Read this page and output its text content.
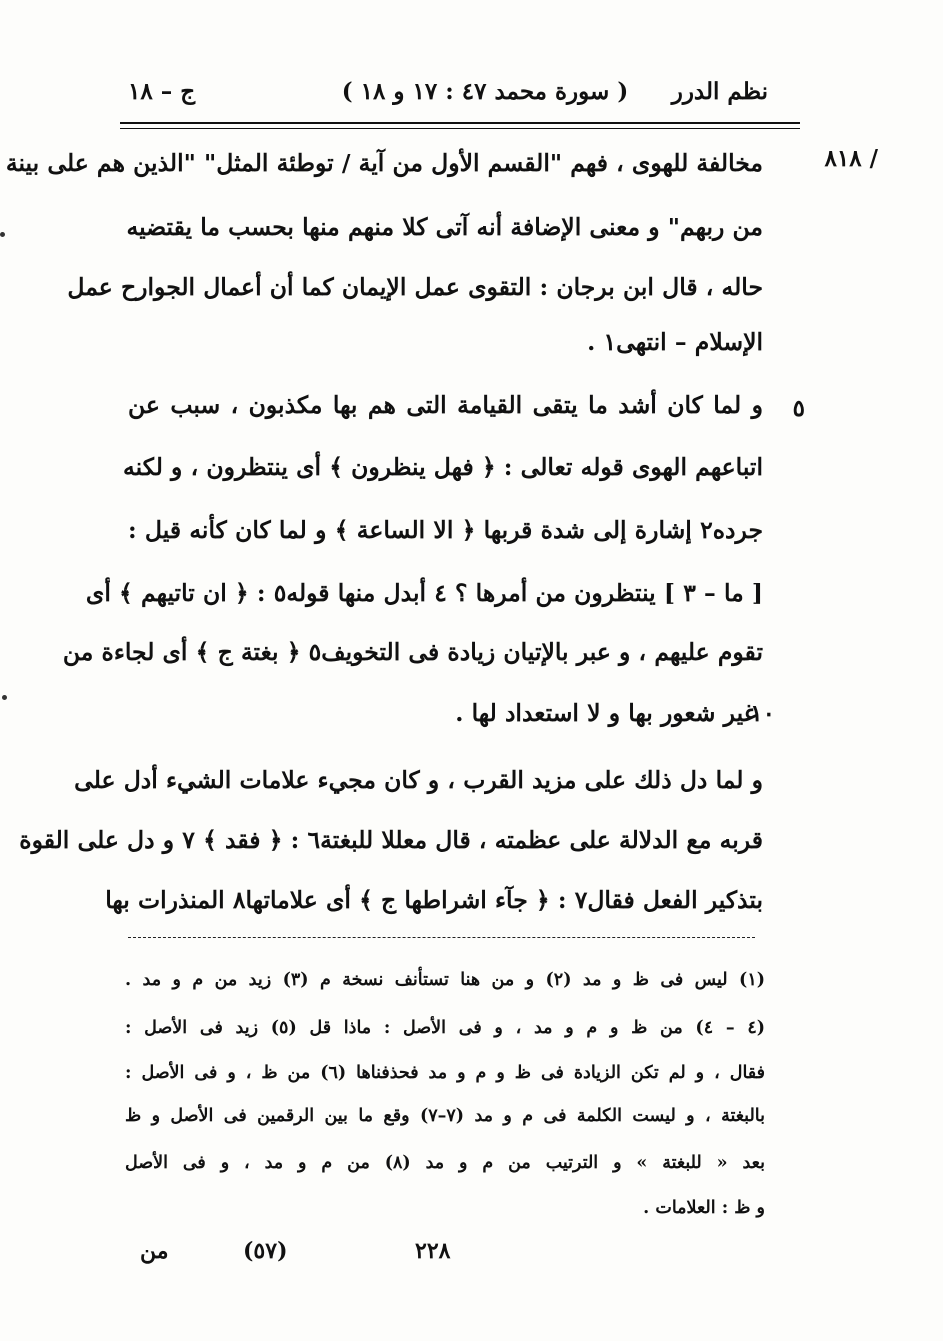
نظم الدرر
( سورة محمد ٤٧ : ١٧ و ١٨ )
ج – ١٨
٨١٨ /
٥
١٠
مخالفة للهوى ، فهم "القسم الأول من آية / توطئة المثل" "الذين هم على بينة
من ربهم" و معنى الإضافة أنه آتى كلا منهم منها بحسب ما يقتضيه
حاله ، قال ابن برجان : التقوى عمل الإيمان كما أن أعمال الجوارح عمل
الإسلام – انتهى١ .
و لما كان أشد ما يتقى القيامة التى هم بها مكذبون ، سبب عن
اتباعهم الهوى قوله تعالى : ﴿ فهل ينظرون ﴾ أى ينتظرون ، و لكنه
جرده٢ إشارة إلى شدة قربها ﴿ الا الساعة ﴾ و لما كان كأنه قيل :
[ ما – ٣ ] ينتظرون من أمرها ؟ ٤ أبدل منها قوله٥ : ﴿ ان تاتيهم ﴾ أى
تقوم عليهم ، و عبر بالإتيان زيادة فى التخويف٥ ﴿ بغتة ج ﴾ أى لجاءة من
غير شعور بها و لا استعداد لها .
و لما دل ذلك على مزيد القرب ، و كان مجيء علامات الشيء أدل على
قربه مع الدلالة على عظمته ، قال معللا للبغتة٦ : ﴿ فقد ﴾ ٧ و دل على القوة
بتذكير الفعل فقال٧ : ﴿ جآء اشراطها ج ﴾ أى علاماتها٨ المنذرات بها
(١) ليس فى ظ و مد (٢) و من هنا تستأنف نسخة م (٣) زيد من م و مد .
(٤ – ٤) من ظ و م و مد ، و فى الأصل : ماذا قل (٥) زيد فى الأصل :
فقال ، و لم تكن الزيادة فى ظ و م و مد فحذفناها (٦) من ظ ، و فى الأصل :
بالبغتة ، و ليست الكلمة فى م و مد (٧–٧) وقع ما بين الرقمين فى الأصل و ظ
بعد « للبغتة » و الترتيب من م و مد (٨) من م و مد ، و فى الأصل
و ظ : العلامات .
من	(٥٧)	٢٢٨
